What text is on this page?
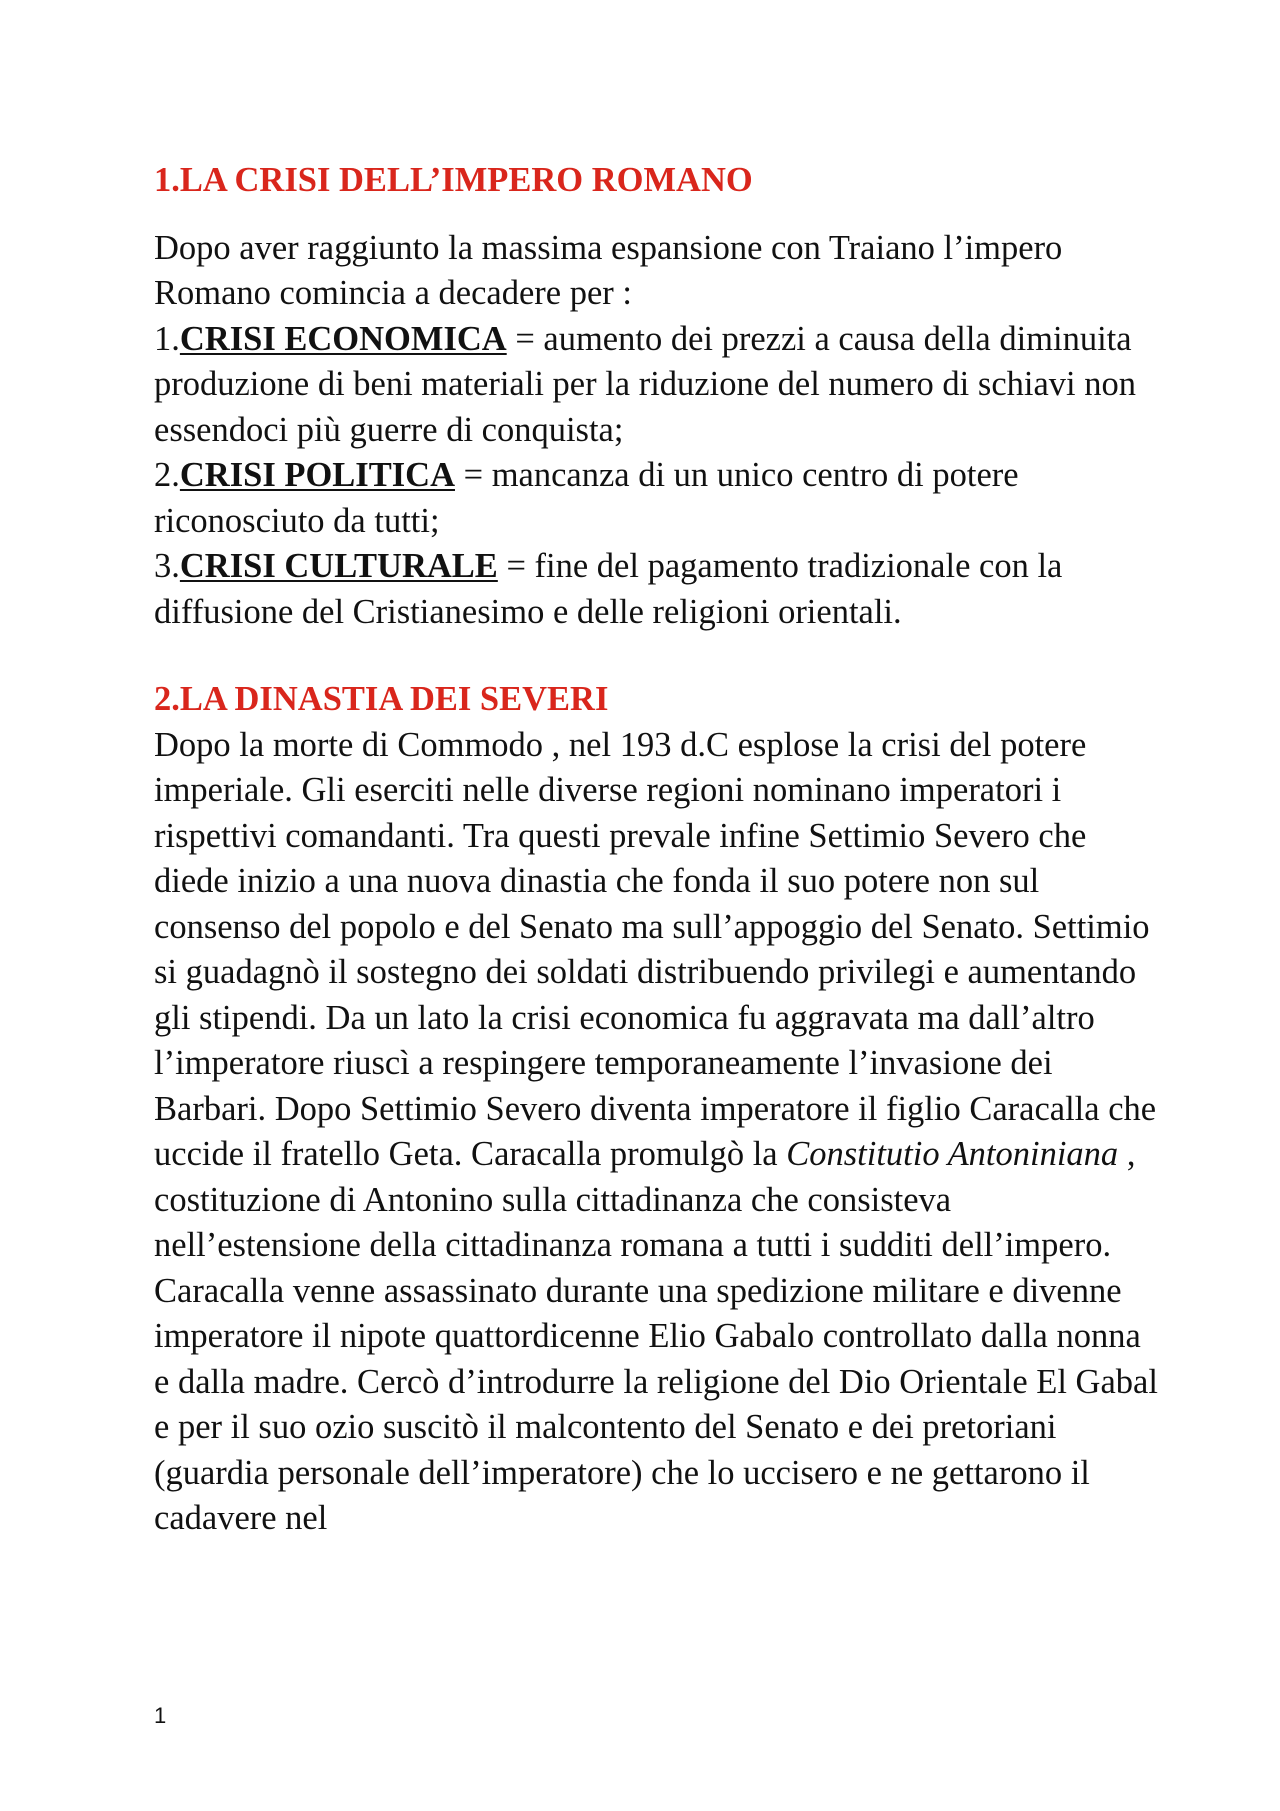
1.LA CRISI DELL’IMPERO ROMANO

Dopo aver raggiunto la massima espansione con Traiano l’impero Romano comincia a decadere per :

1.CRISI ECONOMICA = aumento dei prezzi a causa della diminuita produzione di beni materiali per la riduzione del numero di schiavi non essendoci più guerre di conquista;

2.CRISI POLITICA = mancanza di un unico centro di potere riconosciuto da tutti;

3.CRISI CULTURALE = fine del pagamento tradizionale con la diffusione del Cristianesimo e delle religioni orientali.

2.LA DINASTIA DEI SEVERI

Dopo la morte di Commodo , nel 193 d.C esplose la crisi del potere imperiale. Gli eserciti nelle diverse regioni nominano imperatori i rispettivi comandanti. Tra questi prevale infine Settimio Severo che diede inizio a una nuova dinastia che fonda il suo potere non sul consenso del popolo e del Senato ma sull’appoggio del Senato. Settimio si guadagnò il sostegno dei soldati distribuendo privilegi e aumentando gli stipendi. Da un lato la crisi economica fu aggravata ma dall’altro l’imperatore riuscì a respingere temporaneamente l’invasione dei Barbari. Dopo Settimio Severo diventa imperatore il figlio Caracalla che uccide il fratello Geta. Caracalla promulgò la Constitutio Antoniniana , costituzione di Antonino sulla cittadinanza che consisteva nell’estensione della cittadinanza romana a tutti i sudditi dell’impero.

Caracalla venne assassinato durante una spedizione militare e divenne imperatore il nipote quattordicenne Elio Gabalo controllato dalla nonna e dalla madre. Cercò d’introdurre la religione del Dio Orientale El Gabal e per il suo ozio suscitò il malcontento del Senato e dei pretoriani (guardia personale dell’imperatore) che lo uccisero e ne gettarono il cadavere nel

1
